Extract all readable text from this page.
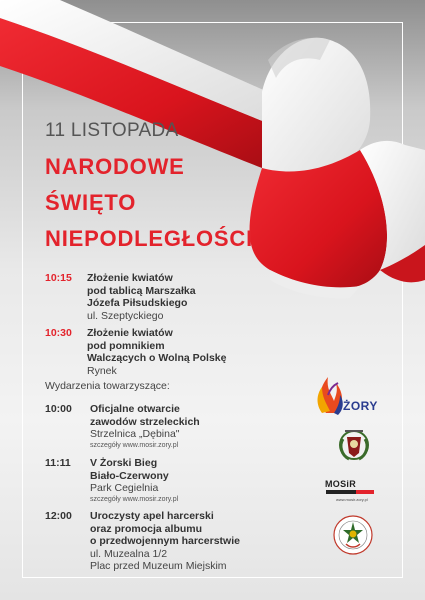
11 LISTOPADA
NARODOWE
ŚWIĘTO
NIEPODLEGŁOŚCI
10:15 Złożenie kwiatów
pod tablicą Marszałka
Józefa Piłsudskiego
ul. Szeptyckiego
10:30 Złożenie kwiatów
pod pomnikiem
Walczących o Wolną Polskę
Rynek
Wydarzenia towarzyszące:
10:00 Oficjalne otwarcie
zawodów strzeleckich
Strzelnica „Dębina"
szczegóły www.mosir.zory.pl
11:11 V Żorski Bieg
Biało-Czerwony
Park Cegielnia
szczegóły www.mosir.zory.pl
12:00 Uroczysty apel harcerski
oraz promocja albumu
o przedwojennym harcerstwie
ul. Muzealna 1/2
Plac przed Muzeum Miejskim
ŻORY
MOSiR
www.mosir.zory.pl
